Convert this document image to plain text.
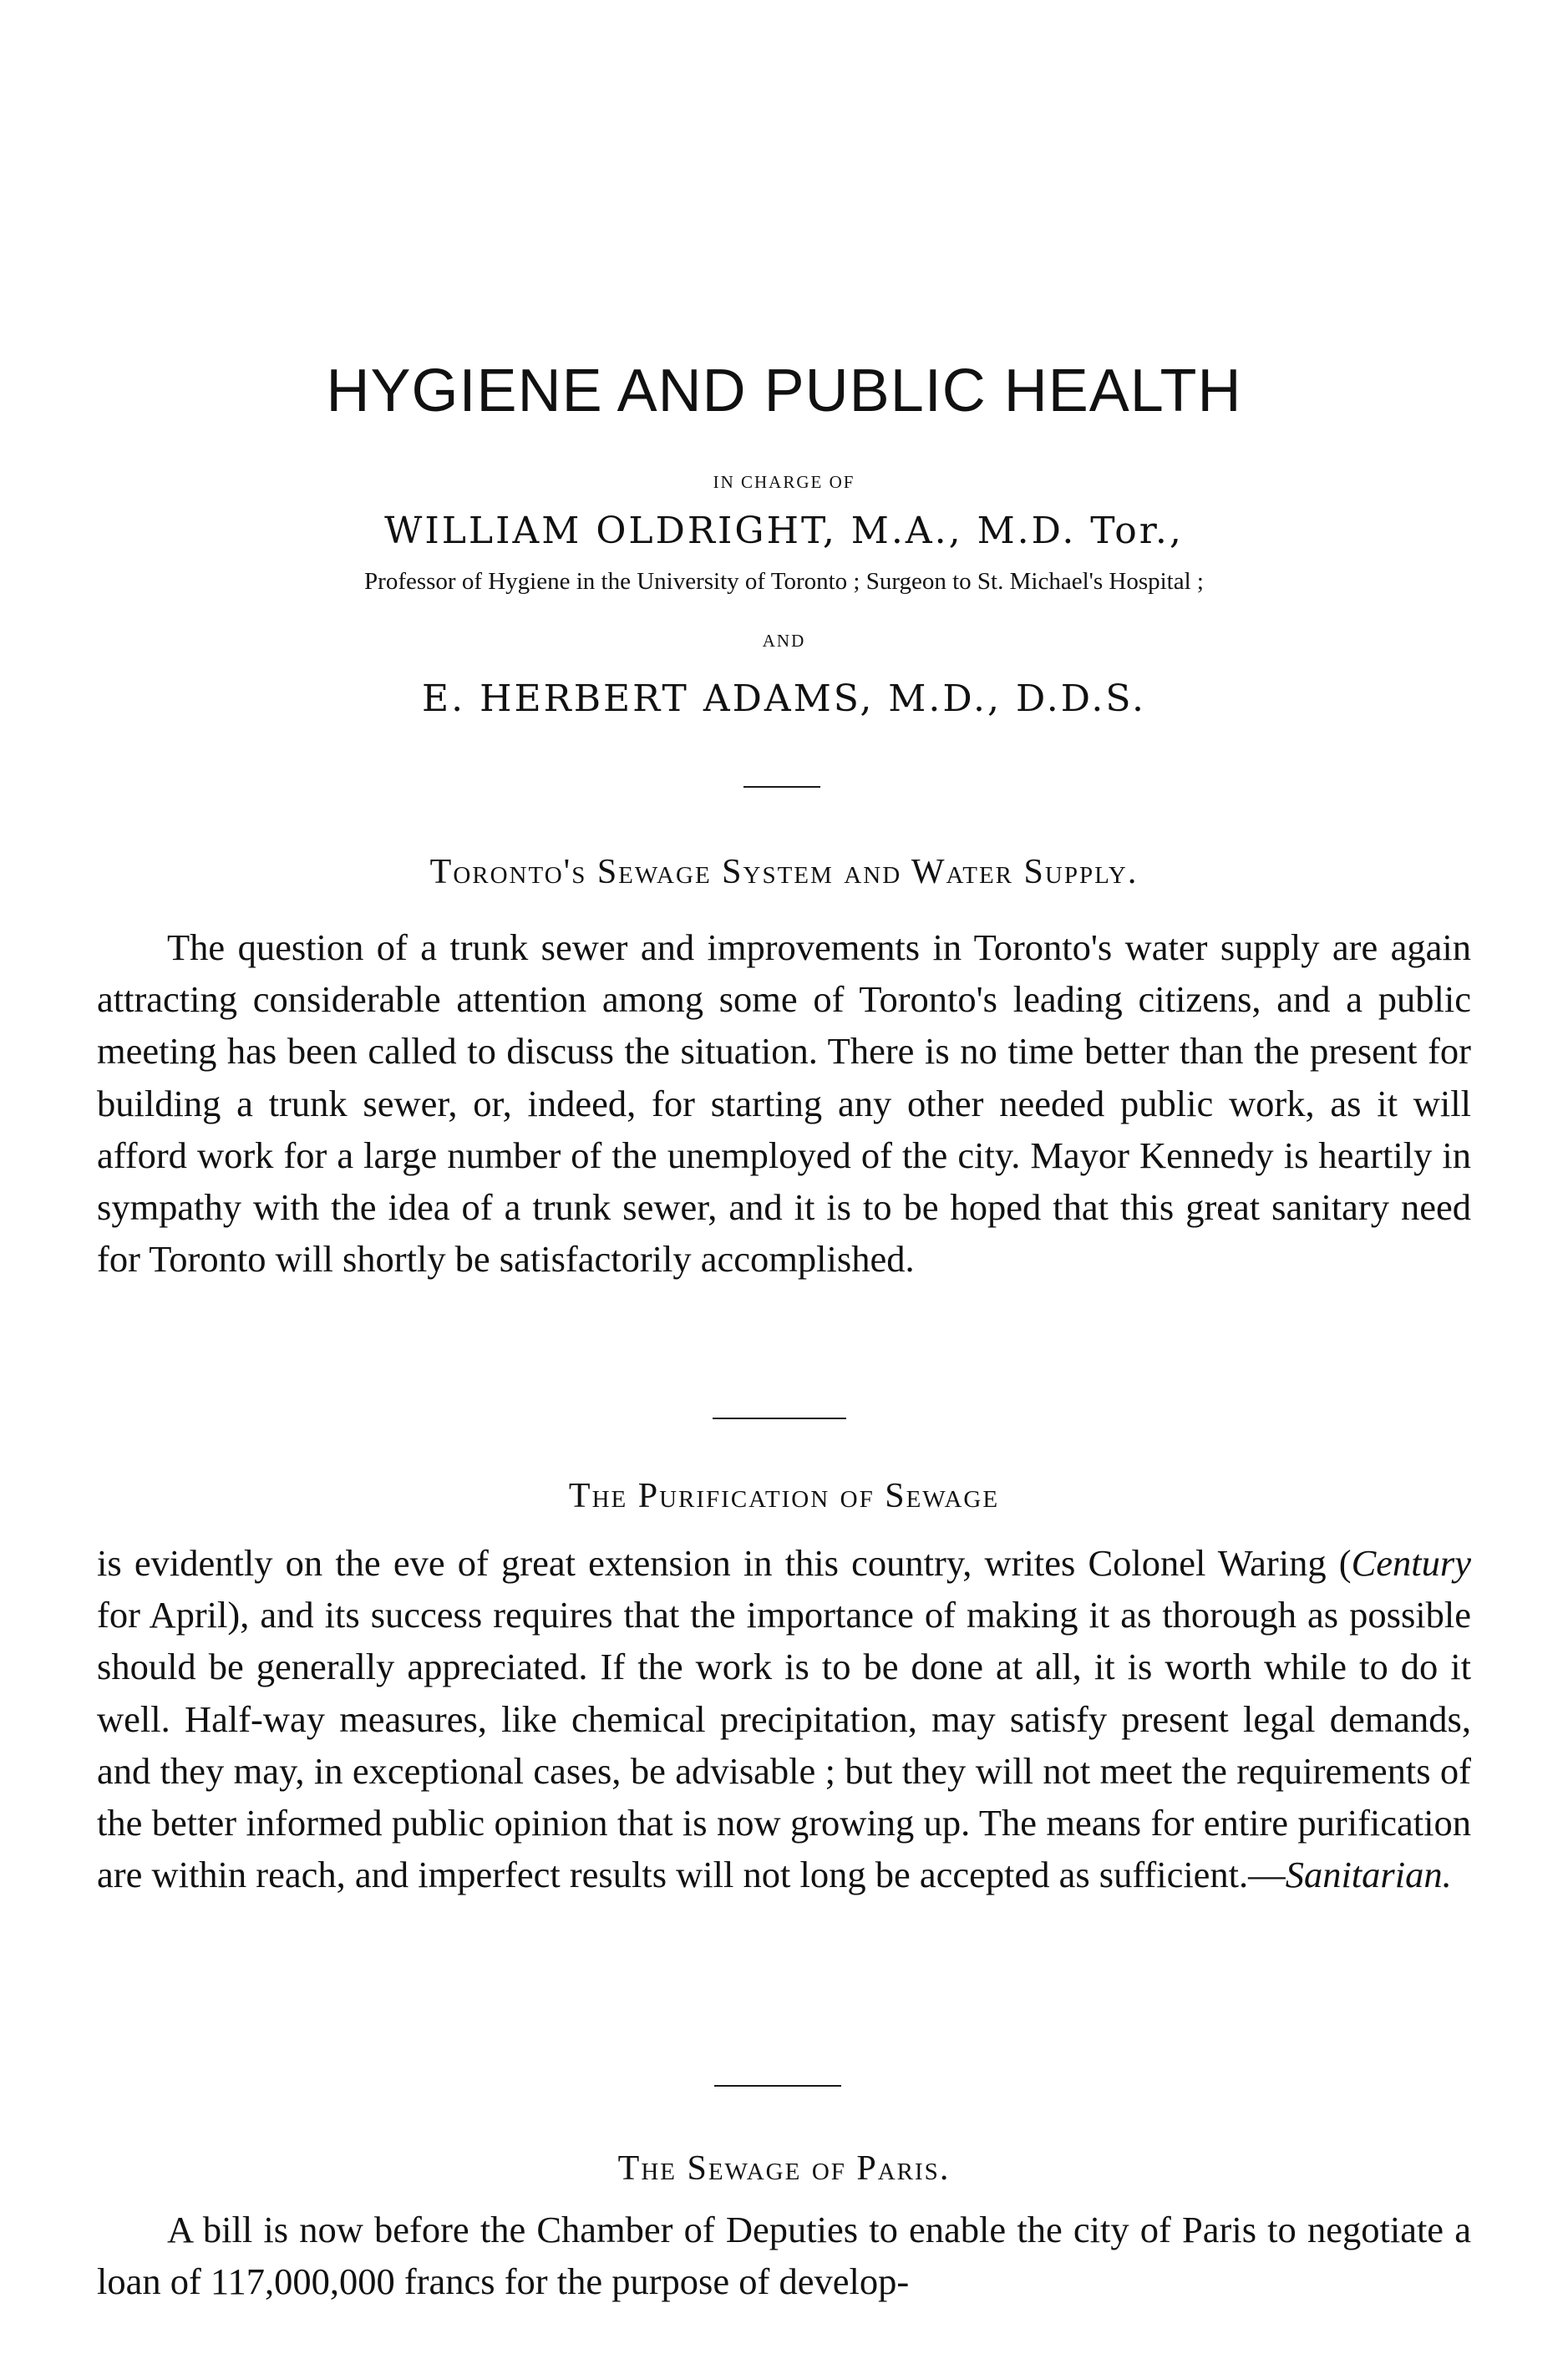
HYGIENE AND PUBLIC HEALTH
IN CHARGE OF
WILLIAM OLDRIGHT, M.A., M.D. Tor.,
Professor of Hygiene in the University of Toronto ; Surgeon to St. Michael's Hospital ;
AND
E. HERBERT ADAMS, M.D., D.D.S.
Toronto's Sewage System and Water Supply.

The question of a trunk sewer and improvements in Toronto's water supply are again attracting considerable attention among some of Toronto's leading citizens, and a public meeting has been called to discuss the situation. There is no time better than the present for building a trunk sewer, or, indeed, for starting any other needed public work, as it will afford work for a large number of the unemployed of the city. Mayor Kennedy is heartily in sympathy with the idea of a trunk sewer, and it is to be hoped that this great sanitary need for Toronto will shortly be satisfactorily accomplished.

The Purification of Sewage

is evidently on the eve of great extension in this country, writes Colonel Waring (Century for April), and its success requires that the importance of making it as thorough as possible should be generally appreciated. If the work is to be done at all, it is worth while to do it well. Half-way measures, like chemical precipitation, may satisfy present legal demands, and they may, in exceptional cases, be advisable ; but they will not meet the requirements of the better informed public opinion that is now growing up. The means for entire purification are within reach, and imperfect results will not long be accepted as sufficient.—Sanitarian.

The Sewage of Paris.

A bill is now before the Chamber of Deputies to enable the city of Paris to negotiate a loan of 117,000,000 francs for the purpose of develop-
